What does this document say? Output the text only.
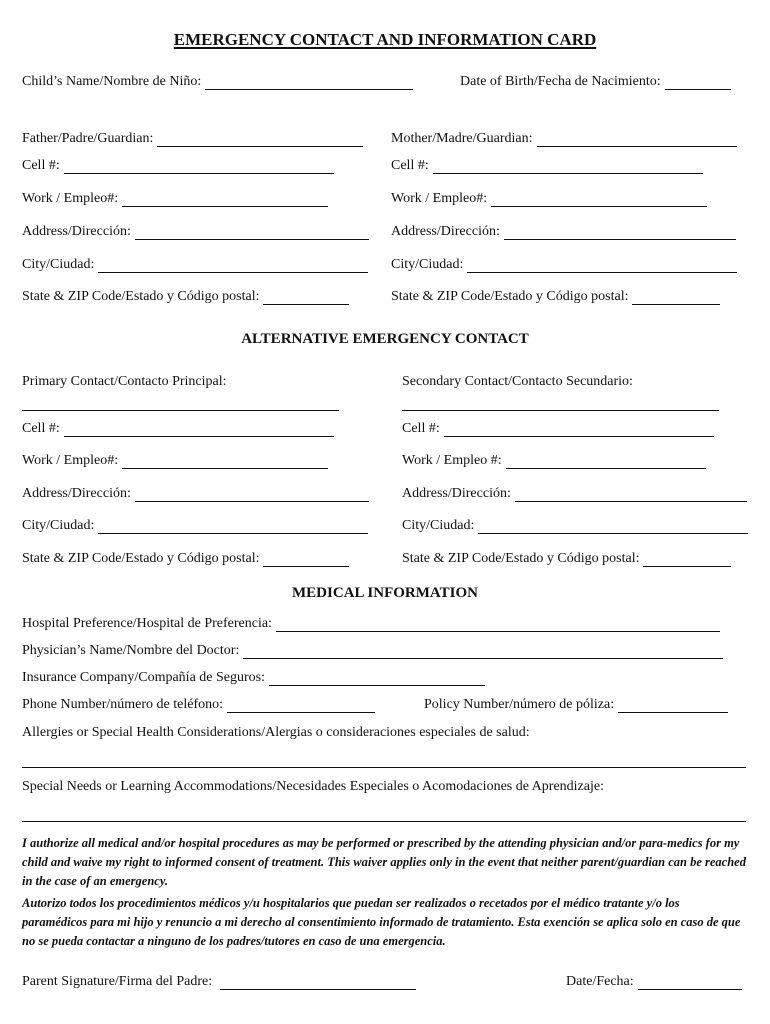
EMERGENCY CONTACT AND INFORMATION CARD
Child’s Name/Nombre de Niño:	Date of Birth/Fecha de Nacimiento:
Father/Padre/Guardian:
Cell #:
Work / Empleo#:
Address/Dirección:
City/Ciudad:
State & ZIP Code/Estado y Código postal:
Mother/Madre/Guardian:
Cell #:
Work / Empleo#:
Address/Dirección:
City/Ciudad:
State & ZIP Code/Estado y Código postal:
ALTERNATIVE EMERGENCY CONTACT
Primary Contact/Contacto Principal:
Cell #:
Work / Empleo#:
Address/Dirección:
City/Ciudad:
State & ZIP Code/Estado y Código postal:
Secondary Contact/Contacto Secundario:
Cell #:
Work / Empleo #:
Address/Dirección:
City/Ciudad:
State & ZIP Code/Estado y Código postal:
MEDICAL INFORMATION
Hospital Preference/Hospital de Preferencia:
Physician’s Name/Nombre del Doctor:
Insurance Company/Compañía de Seguros:
Phone Number/número de teléfono:	Policy Number/número de póliza:
Allergies or Special Health Considerations/Alergias o consideraciones especiales de salud:
Special Needs or Learning Accommodations/Necesidades Especiales o Acomodaciones de Aprendizaje:
I authorize all medical and/or hospital procedures as may be performed or prescribed by the attending physician and/or para-medics for my child and waive my right to informed consent of treatment. This waiver applies only in the event that neither parent/guardian can be reached in the case of an emergency.
Autorizo todos los procedimientos médicos y/u hospitalarios que puedan ser realizados o recetados por el médico tratante y/o los paramédicos para mi hijo y renuncio a mi derecho al consentimiento informado de tratamiento. Esta exención se aplica solo en caso de que no se pueda contactar a ninguno de los padres/tutores en caso de una emergencia.
Parent Signature/Firma del Padre:	Date/Fecha:
